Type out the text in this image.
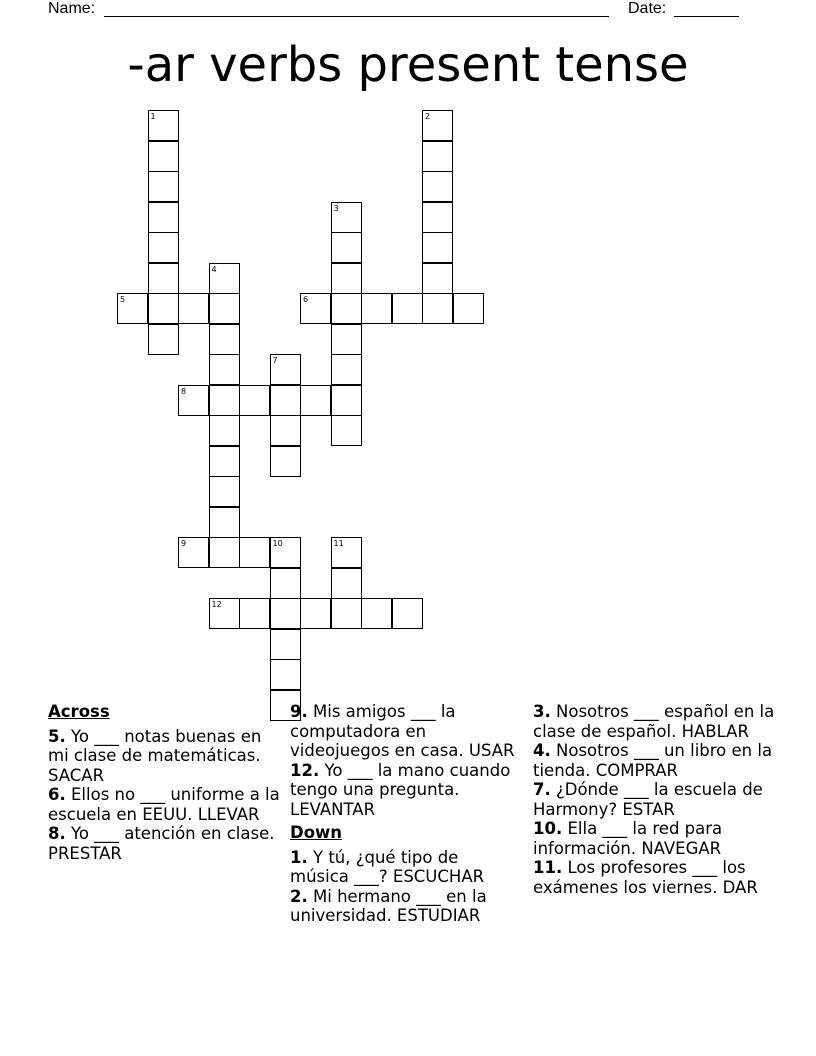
Name:	Date:
-ar verbs present tense
1	2
3
4
5	6
7
8
9	10	11
12
Across

5. Yo ___ notas buenas en mi clase de matemáticas. SACAR

6. Ellos no ___ uniforme a la escuela en EEUU. LLEVAR

8. Yo ___ atención en clase. PRESTAR

9. Mis amigos ___ la computadora en videojuegos en casa. USAR

12. Yo ___ la mano cuando tengo una pregunta. LEVANTAR

Down

1. Y tú, ¿qué tipo de música ___? ESCUCHAR

2. Mi hermano ___ en la universidad. ESTUDIAR

3. Nosotros ___ español en la clase de español. HABLAR

4. Nosotros ___ un libro en la tienda. COMPRAR

7. ¿Dónde ___ la escuela de Harmony? ESTAR

10. Ella ___ la red para información. NAVEGAR

11. Los profesores ___ los exámenes los viernes. DAR
